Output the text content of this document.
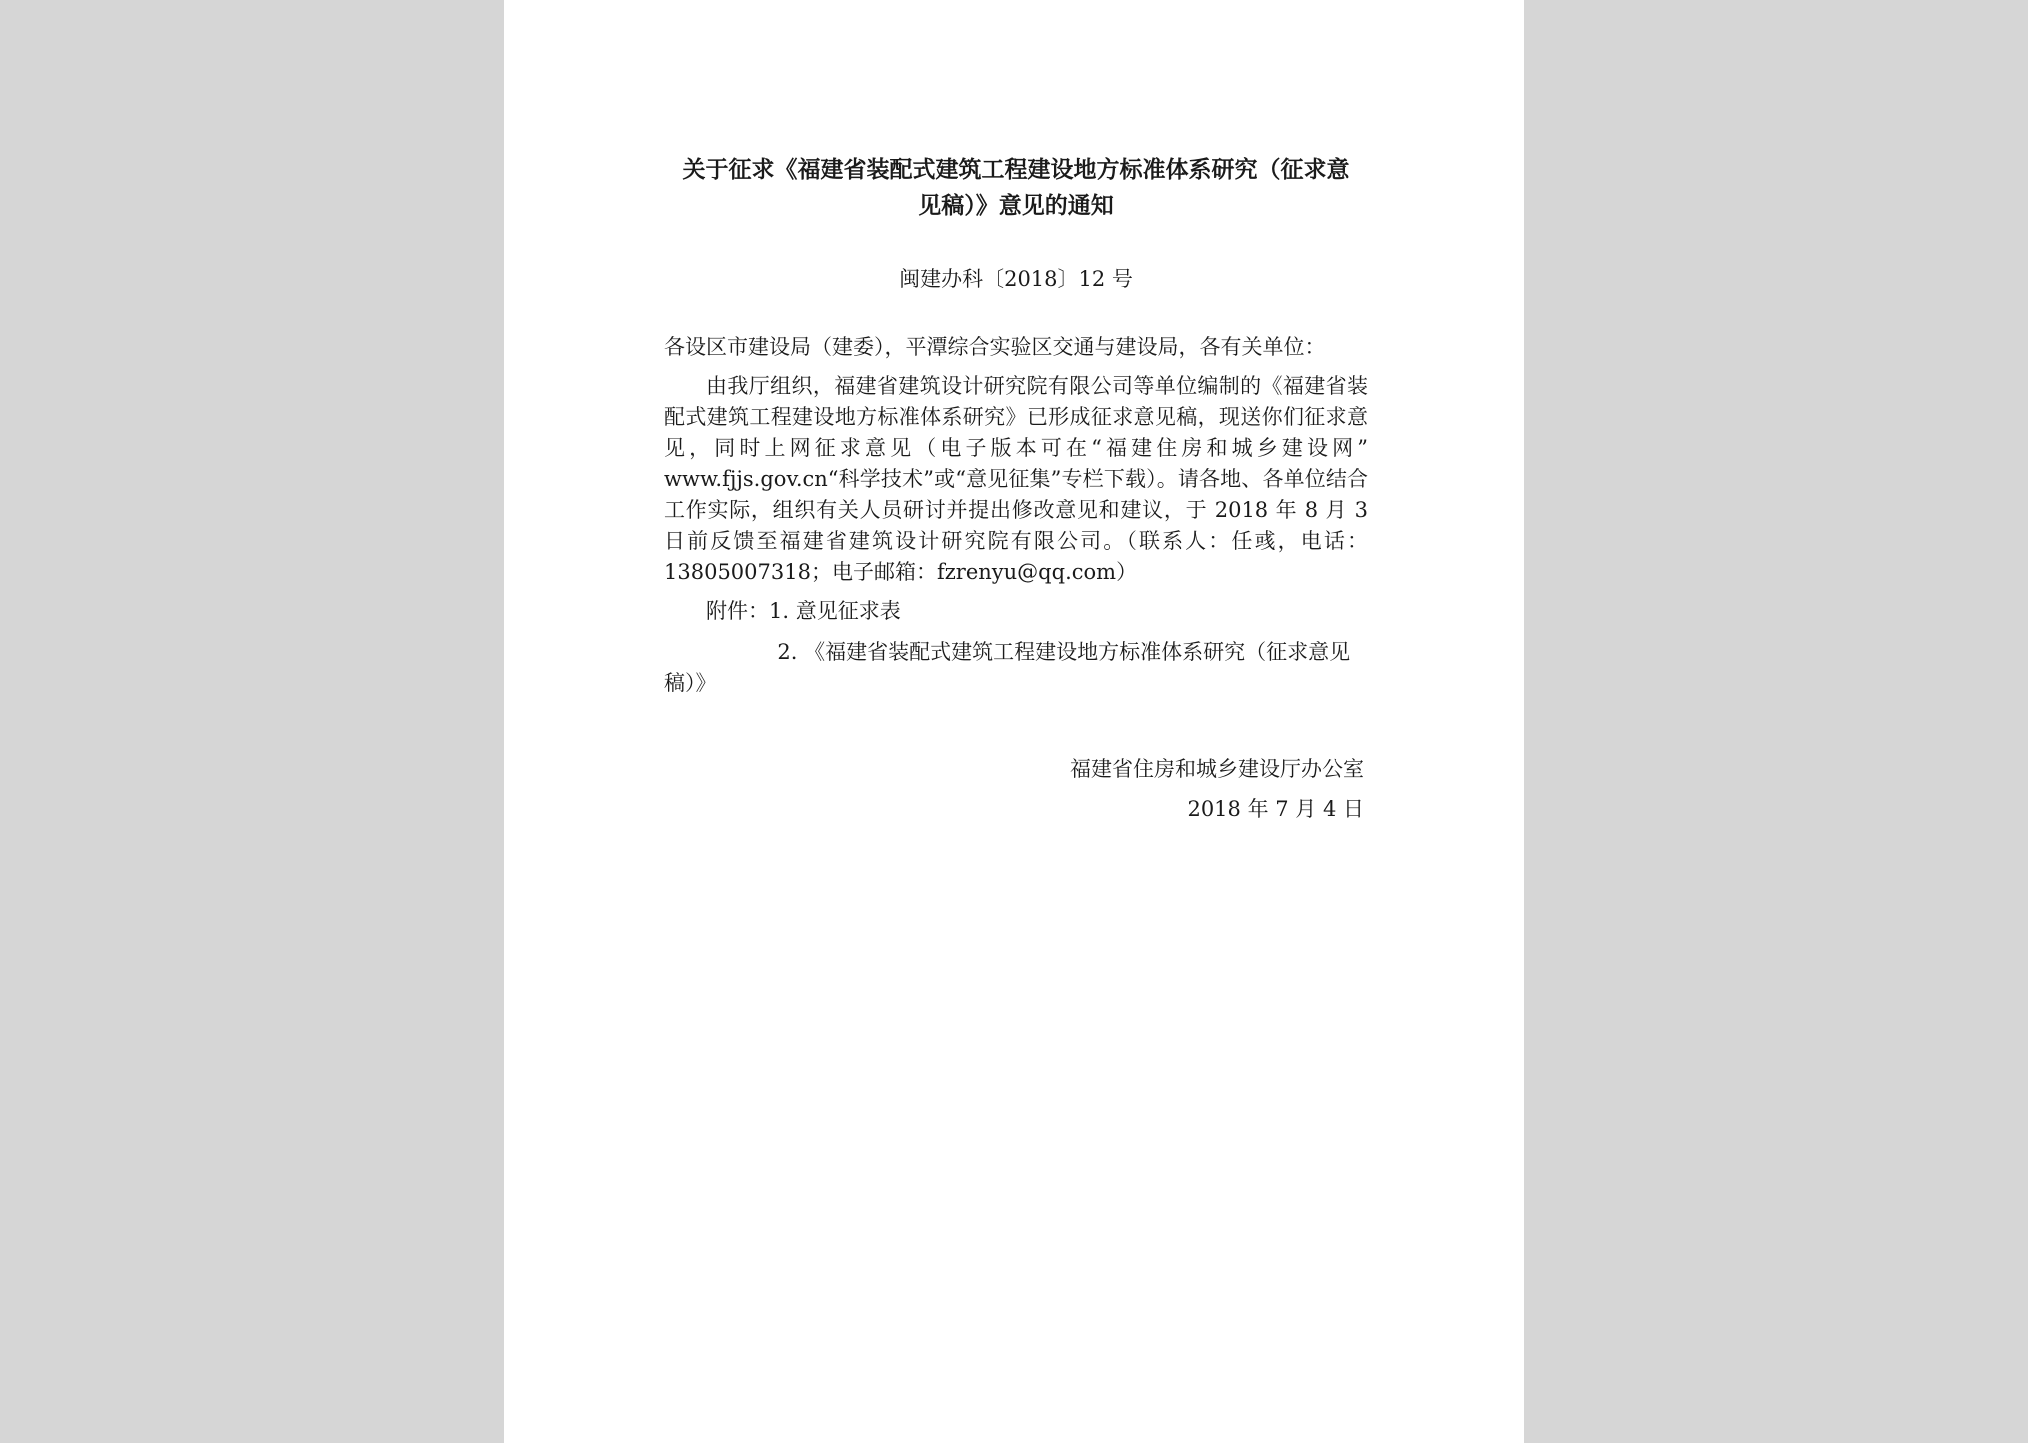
关于征求《福建省装配式建筑工程建设地方标准体系研究（征求意见稿）》意见的通知
闽建办科〔2018〕12 号
各设区市建设局（建委），平潭综合实验区交通与建设局，各有关单位：
由我厅组织，福建省建筑设计研究院有限公司等单位编制的《福建省装配式建筑工程建设地方标准体系研究》已形成征求意见稿，现送你们征求意见，同时上网征求意见（电子版本可在“福建住房和城乡建设网” www.fjjs.gov.cn“科学技术”或“意见征集”专栏下载）。请各地、各单位结合工作实际，组织有关人员研讨并提出修改意见和建议，于 2018 年 8 月 3 日前反馈至福建省建筑设计研究院有限公司。（联系人：任彧，电话：13805007318；电子邮箱：fzrenyu@qq.com）
附件：1. 意见征求表
2. 《福建省装配式建筑工程建设地方标准体系研究（征求意见稿）》
福建省住房和城乡建设厅办公室
2018 年 7 月 4 日
